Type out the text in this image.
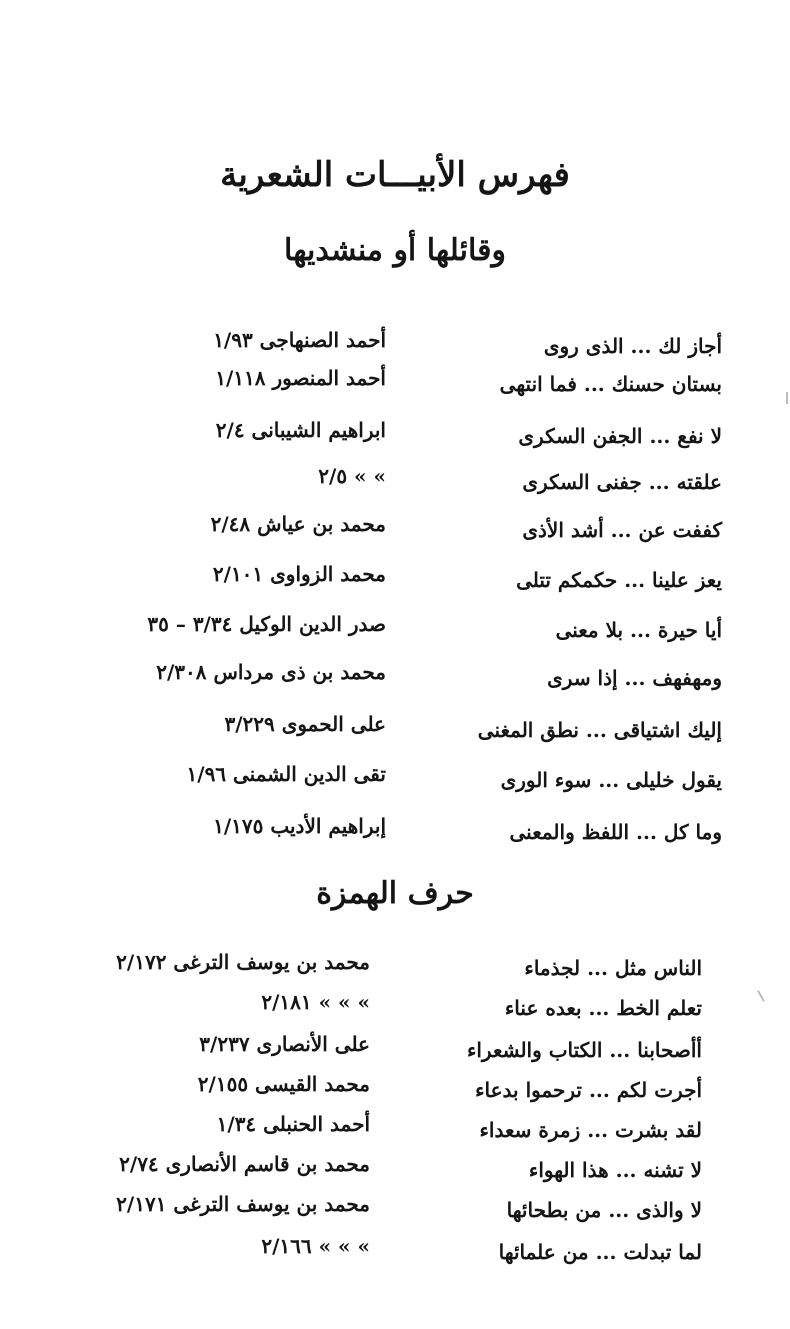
فهرس الأبيـــات الشعرية
وقائلها أو منشديها
أجاز لك ... الذى روى
أحمد الصنهاجى ١/٩٣
بستان حسنك ... فما انتهى
أحمد المنصور ١/١١٨
لا نفع ... الجفن السكرى
ابراهيم الشيبانى ٢/٤
علقته ... جفنى السكرى
» » ٢/٥
كففت عن ... أشد الأذى
محمد بن عياش ٢/٤٨
يعز علينا ... حكمكم تتلى
محمد الزواوى ٢/١٠١
أيا حيرة ... بلا معنى
صدر الدين الوكيل ٣/٣٤ – ٣٥
ومهفهف ... إذا سرى
محمد بن ذى مرداس ٢/٣٠٨
إليك اشتياقى ... نطق المغنى
على الحموى ٣/٢٢٩
يقول خليلى ... سوء الورى
تقى الدين الشمنى ١/٩٦
وما كل ... اللفظ والمعنى
إبراهيم الأديب ١/١٧٥
حرف الهمزة
الناس مثل ... لجذماء
محمد بن يوسف الترغى ٢/١٧٢
تعلم الخط ... بعده عناء
» » » ٢/١٨١
أأصحابنا ... الكتاب والشعراء
على الأنصارى ٣/٢٣٧
أجرت لكم ... ترحموا بدعاء
محمد القيسى ٢/١٥٥
لقد بشرت ... زمرة سعداء
أحمد الحنبلى ١/٣٤
لا تشنه ... هذا الهواء
محمد بن قاسم الأنصارى ٢/٧٤
لا والذى ... من بطحائها
محمد بن يوسف الترغى ٢/١٧١
لما تبدلت ... من علمائها
» » » ٢/١٦٦
